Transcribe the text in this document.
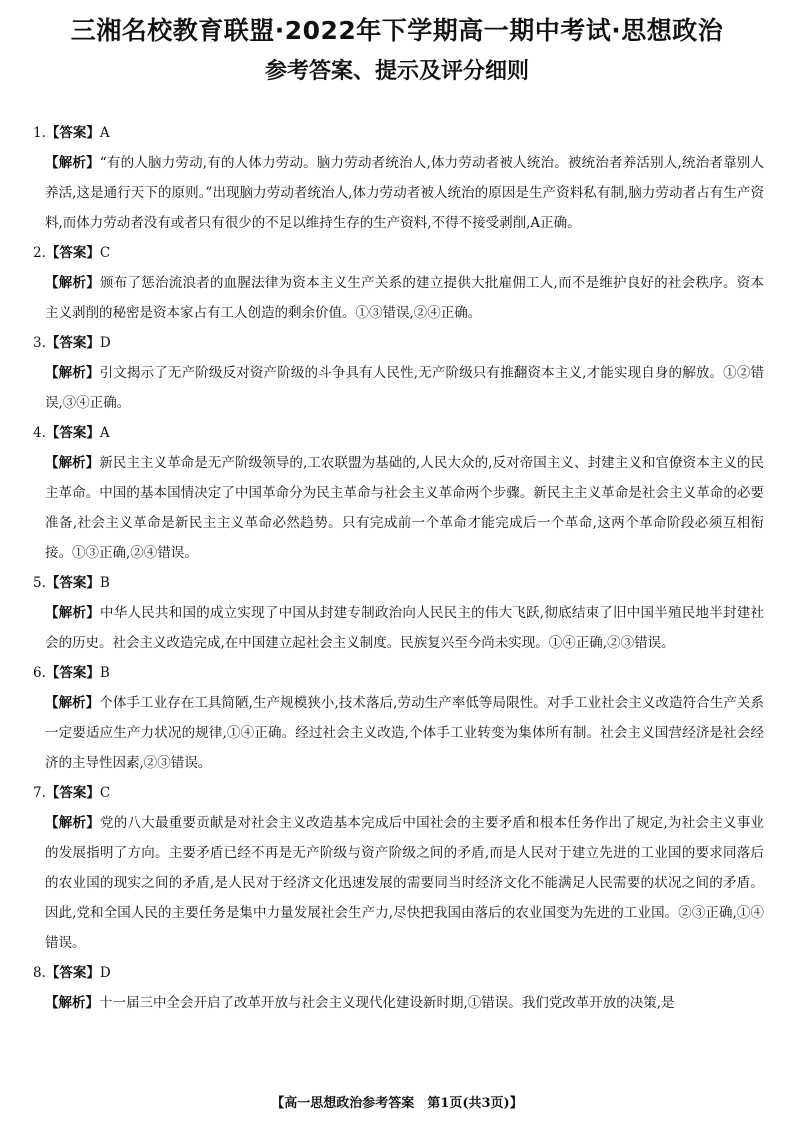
三湘名校教育联盟·2022年下学期高一期中考试·思想政治
参考答案、提示及评分细则
1.【答案】A
【解析】“有的人脑力劳动,有的人体力劳动。脑力劳动者统治人,体力劳动者被人统治。被统治者养活别人,统治者靠别人养活,这是通行天下的原则。”出现脑力劳动者统治人,体力劳动者被人统治的原因是生产资料私有制,脑力劳动者占有生产资料,而体力劳动者没有或者只有很少的不足以维持生存的生产资料,不得不接受剥削,A正确。
2.【答案】C
【解析】颁布了惩治流浪者的血腥法律为资本主义生产关系的建立提供大批雇佣工人,而不是维护良好的社会秩序。资本主义剥削的秘密是资本家占有工人创造的剩余价值。①③错误,②④正确。
3.【答案】D
【解析】引文揭示了无产阶级反对资产阶级的斗争具有人民性,无产阶级只有推翻资本主义,才能实现自身的解放。①②错误,③④正确。
4.【答案】A
【解析】新民主主义革命是无产阶级领导的,工农联盟为基础的,人民大众的,反对帝国主义、封建主义和官僚资本主义的民主革命。中国的基本国情决定了中国革命分为民主革命与社会主义革命两个步骤。新民主主义革命是社会主义革命的必要准备,社会主义革命是新民主主义革命必然趋势。只有完成前一个革命才能完成后一个革命,这两个革命阶段必须互相衔接。①③正确,②④错误。
5.【答案】B
【解析】中华人民共和国的成立实现了中国从封建专制政治向人民民主的伟大飞跃,彻底结束了旧中国半殖民地半封建社会的历史。社会主义改造完成,在中国建立起社会主义制度。民族复兴至今尚未实现。①④正确,②③错误。
6.【答案】B
【解析】个体手工业存在工具简陋,生产规模狭小,技术落后,劳动生产率低等局限性。对手工业社会主义改造符合生产关系一定要适应生产力状况的规律,①④正确。经过社会主义改造,个体手工业转变为集体所有制。社会主义国营经济是社会经济的主导性因素,②③错误。
7.【答案】C
【解析】党的八大最重要贡献是对社会主义改造基本完成后中国社会的主要矛盾和根本任务作出了规定,为社会主义事业的发展指明了方向。主要矛盾已经不再是无产阶级与资产阶级之间的矛盾,而是人民对于建立先进的工业国的要求同落后的农业国的现实之间的矛盾,是人民对于经济文化迅速发展的需要同当时经济文化不能满足人民需要的状况之间的矛盾。因此,党和全国人民的主要任务是集中力量发展社会生产力,尽快把我国由落后的农业国变为先进的工业国。②③正确,①④错误。
8.【答案】D
【解析】十一届三中全会开启了改革开放与社会主义现代化建设新时期,①错误。我们党改革开放的决策,是
【高一思想政治参考答案　第1页(共3页)】
